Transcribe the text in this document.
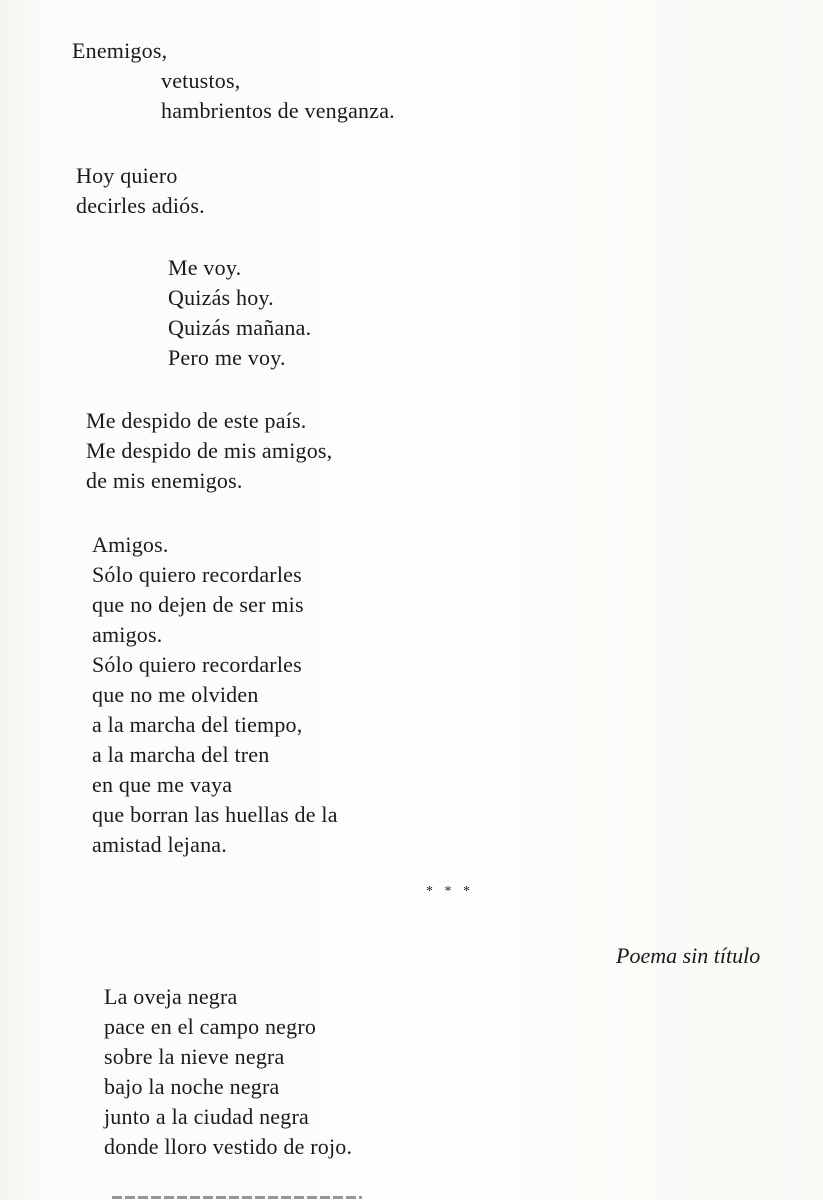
Enemigos,
vetustos,
hambrientos de venganza.
Hoy quiero
decirles adiós.
Me voy.
Quizás hoy.
Quizás mañana.
Pero me voy.
Me despido de este país.
Me despido de mis amigos,
de mis enemigos.
Amigos.
Sólo quiero recordarles
que no dejen de ser mis
amigos.
Sólo quiero recordarles
que no me olviden
a la marcha del tiempo,
a la marcha del tren
en que me vaya
que borran las huellas de la
amistad lejana.
* * *
Poema sin título
La oveja negra
pace en el campo negro
sobre la nieve negra
bajo la noche negra
junto a la ciudad negra
donde lloro vestido de rojo.
